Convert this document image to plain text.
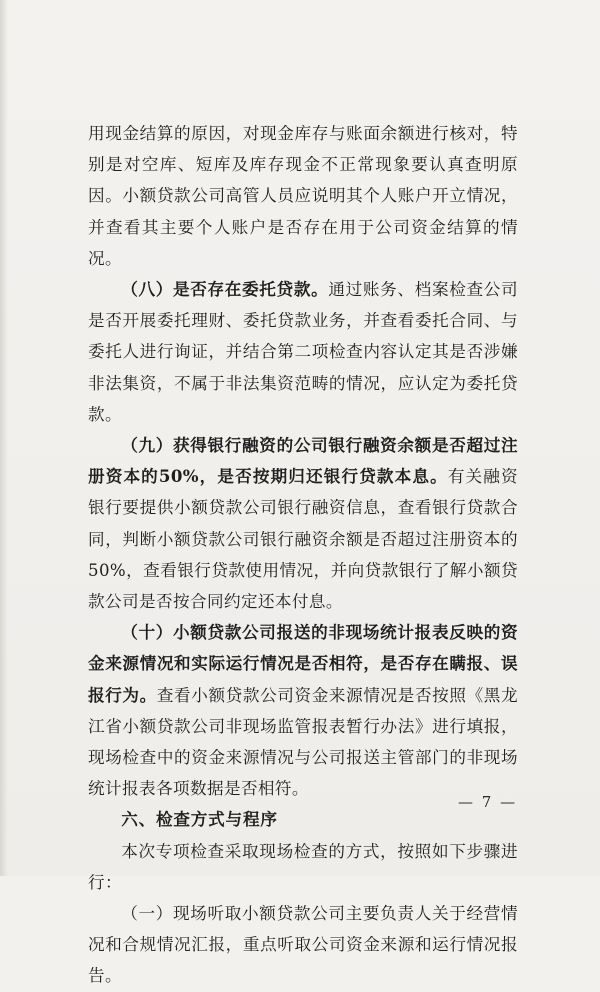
用现金结算的原因，对现金库存与账面余额进行核对，特别是对空库、短库及库存现金不正常现象要认真查明原因。小额贷款公司高管人员应说明其个人账户开立情况，并查看其主要个人账户是否存在用于公司资金结算的情况。

（八）是否存在委托贷款。通过账务、档案检查公司是否开展委托理财、委托贷款业务，并查看委托合同、与委托人进行询证，并结合第二项检查内容认定其是否涉嫌非法集资，不属于非法集资范畴的情况，应认定为委托贷款。

（九）获得银行融资的公司银行融资余额是否超过注册资本的50%，是否按期归还银行贷款本息。有关融资银行要提供小额贷款公司银行融资信息，查看银行贷款合同，判断小额贷款公司银行融资余额是否超过注册资本的50%，查看银行贷款使用情况，并向贷款银行了解小额贷款公司是否按合同约定还本付息。

（十）小额贷款公司报送的非现场统计报表反映的资金来源情况和实际运行情况是否相符，是否存在瞒报、误报行为。查看小额贷款公司资金来源情况是否按照《黑龙江省小额贷款公司非现场监管报表暂行办法》进行填报，现场检查中的资金来源情况与公司报送主管部门的非现场统计报表各项数据是否相符。

六、检查方式与程序

本次专项检查采取现场检查的方式，按照如下步骤进行：

（一）现场听取小额贷款公司主要负责人关于经营情况和合规情况汇报，重点听取公司资金来源和运行情况报告。

— 7 —
